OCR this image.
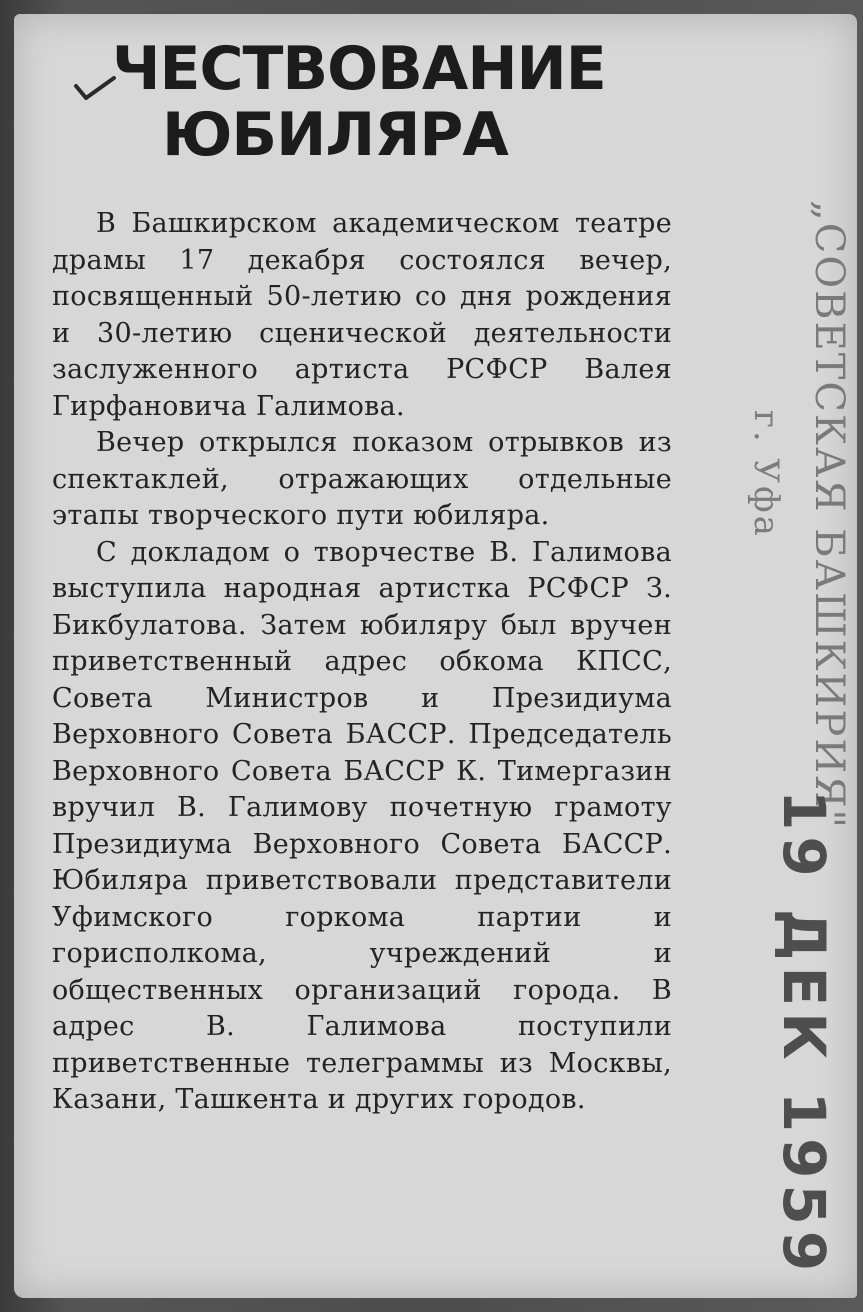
ЧЕСТВОВАНИЕ
ЮБИЛЯРА

В Башкирском академическом театре драмы 17 декабря состоялся вечер, посвященный 50-летию со дня рождения и 30-летию сценической деятельности заслуженного артиста РСФСР Валея Гирфановича Галимова.

Вечер открылся показом отрывков из спектаклей, отражающих отдельные этапы творческого пути юбиляра.

С докладом о творчестве В. Галимова выступила народная артистка РСФСР З. Бикбулатова. Затем юбиляру был вручен приветственный адрес обкома КПСС, Совета Министров и Президиума Верховного Совета БАССР. Председатель Верховного Совета БАССР К. Тимергазин вручил В. Галимову почетную грамоту Президиума Верховного Совета БАССР. Юбиляра приветствовали представители Уфимского горкома партии и горисполкома, учреждений и общественных организаций города. В адрес В. Галимова поступили приветственные телеграммы из Москвы, Казани, Ташкента и других городов.

„СОВЕТСКАЯ БАШКИРИЯ"
г. Уфа
19 ДЕК 1959
